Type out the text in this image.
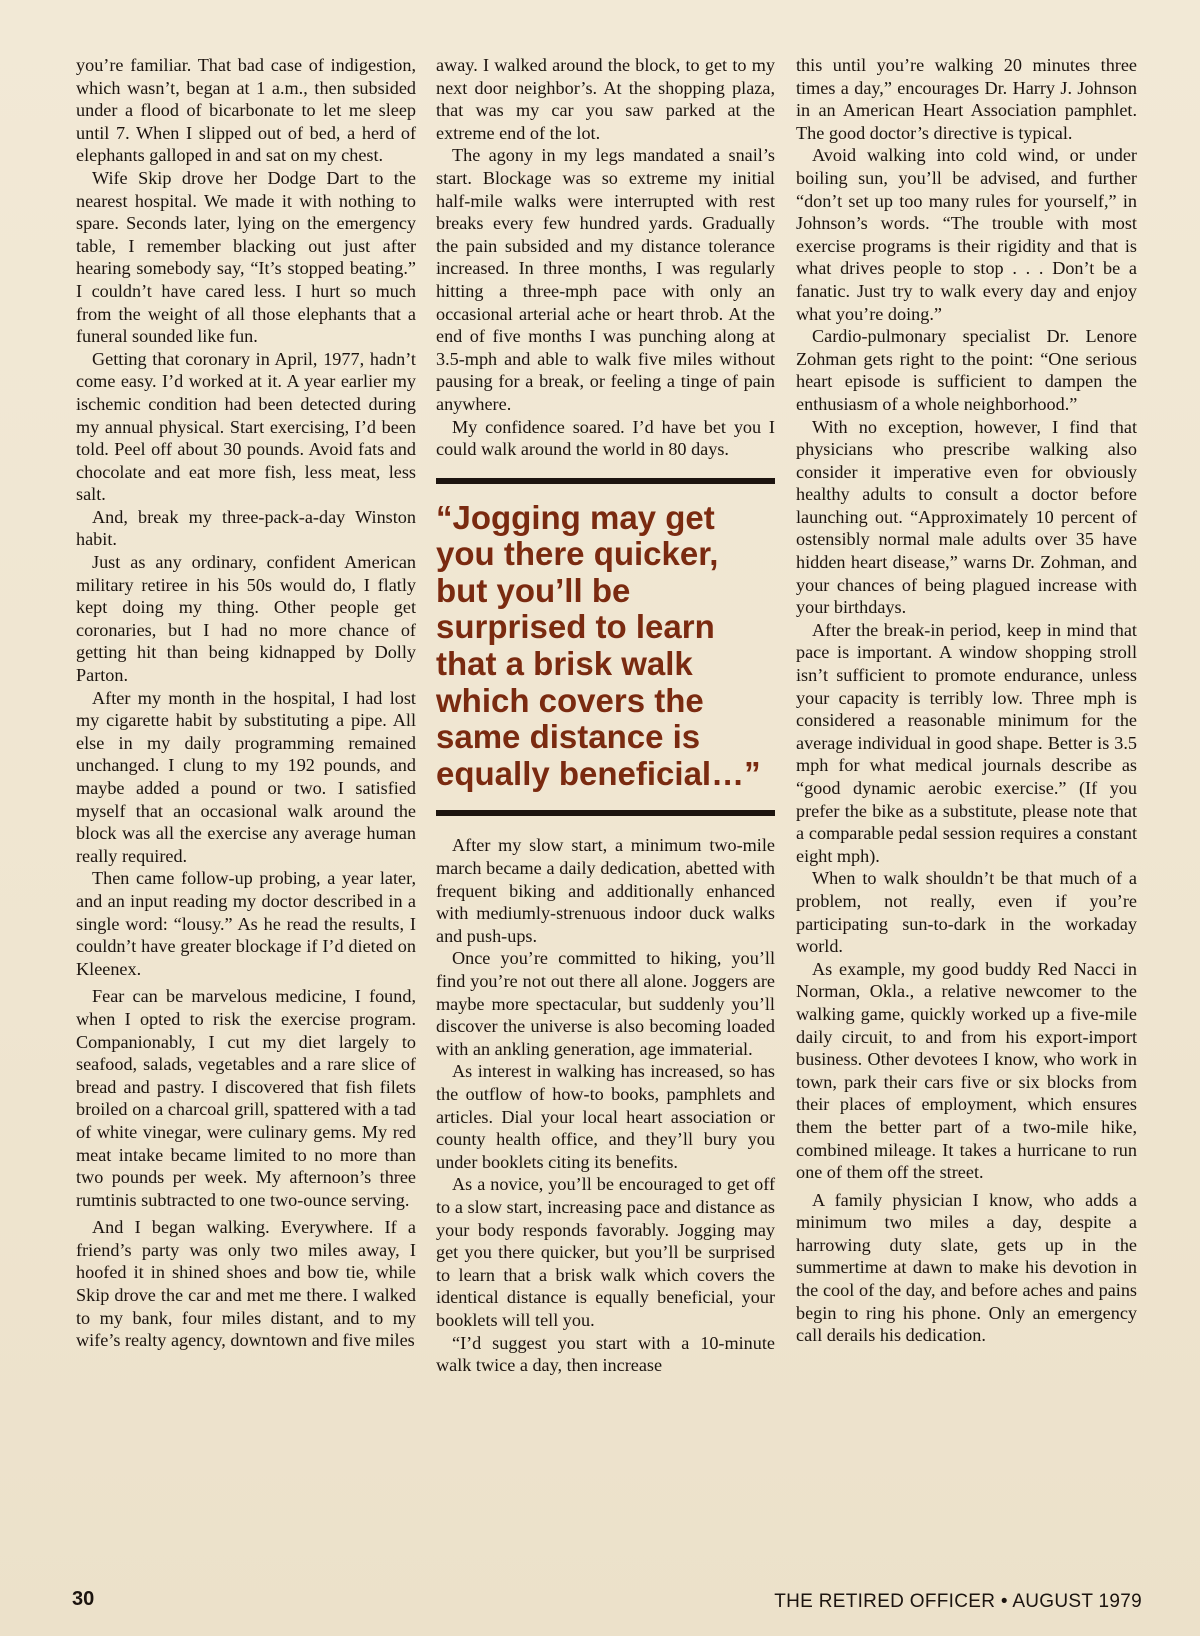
you’re familiar. That bad case of indigestion, which wasn’t, began at 1 a.m., then subsided under a flood of bicarbonate to let me sleep until 7. When I slipped out of bed, a herd of elephants galloped in and sat on my chest.

Wife Skip drove her Dodge Dart to the nearest hospital. We made it with nothing to spare. Seconds later, lying on the emergency table, I remember blacking out just after hearing somebody say, “It’s stopped beating.” I couldn’t have cared less. I hurt so much from the weight of all those elephants that a funeral sounded like fun.

Getting that coronary in April, 1977, hadn’t come easy. I’d worked at it. A year earlier my ischemic condition had been detected during my annual physical. Start exercising, I’d been told. Peel off about 30 pounds. Avoid fats and chocolate and eat more fish, less meat, less salt.

And, break my three-pack-a-day Winston habit.

Just as any ordinary, confident American military retiree in his 50s would do, I flatly kept doing my thing. Other people get coronaries, but I had no more chance of getting hit than being kidnapped by Dolly Parton.

After my month in the hospital, I had lost my cigarette habit by substituting a pipe. All else in my daily programming remained unchanged. I clung to my 192 pounds, and maybe added a pound or two. I satisfied myself that an occasional walk around the block was all the exercise any average human really required.

Then came follow-up probing, a year later, and an input reading my doctor described in a single word: “lousy.” As he read the results, I couldn’t have greater blockage if I’d dieted on Kleenex.

Fear can be marvelous medicine, I found, when I opted to risk the exercise program. Companionably, I cut my diet largely to seafood, salads, vegetables and a rare slice of bread and pastry. I discovered that fish filets broiled on a charcoal grill, spattered with a tad of white vinegar, were culinary gems. My red meat intake became limited to no more than two pounds per week. My afternoon’s three rumtinis subtracted to one two-ounce serving.

And I began walking. Everywhere. If a friend’s party was only two miles away, I hoofed it in shined shoes and bow tie, while Skip drove the car and met me there. I walked to my bank, four miles distant, and to my wife’s realty agency, downtown and five miles

away. I walked around the block, to get to my next door neighbor’s. At the shopping plaza, that was my car you saw parked at the extreme end of the lot.

The agony in my legs mandated a snail’s start. Blockage was so extreme my initial half-mile walks were interrupted with rest breaks every few hundred yards. Gradually the pain subsided and my distance tolerance increased. In three months, I was regularly hitting a three-mph pace with only an occasional arterial ache or heart throb. At the end of five months I was punching along at 3.5-mph and able to walk five miles without pausing for a break, or feeling a tinge of pain anywhere.

My confidence soared. I’d have bet you I could walk around the world in 80 days.

“Jogging may get you there quicker, but you’ll be surprised to learn that a brisk walk which covers the same distance is equally beneficial…”

After my slow start, a minimum two-mile march became a daily dedication, abetted with frequent biking and additionally enhanced with mediumly-strenuous indoor duck walks and push-ups.

Once you’re committed to hiking, you’ll find you’re not out there all alone. Joggers are maybe more spectacular, but suddenly you’ll discover the universe is also becoming loaded with an ankling generation, age immaterial.

As interest in walking has increased, so has the outflow of how-to books, pamphlets and articles. Dial your local heart association or county health office, and they’ll bury you under booklets citing its benefits.

As a novice, you’ll be encouraged to get off to a slow start, increasing pace and distance as your body responds favorably. Jogging may get you there quicker, but you’ll be surprised to learn that a brisk walk which covers the identical distance is equally beneficial, your booklets will tell you.

“I’d suggest you start with a 10-minute walk twice a day, then increase

this until you’re walking 20 minutes three times a day,” encourages Dr. Harry J. Johnson in an American Heart Association pamphlet. The good doctor’s directive is typical.

Avoid walking into cold wind, or under boiling sun, you’ll be advised, and further “don’t set up too many rules for yourself,” in Johnson’s words. “The trouble with most exercise programs is their rigidity and that is what drives people to stop . . . Don’t be a fanatic. Just try to walk every day and enjoy what you’re doing.”

Cardio-pulmonary specialist Dr. Lenore Zohman gets right to the point: “One serious heart episode is sufficient to dampen the enthusiasm of a whole neighborhood.”

With no exception, however, I find that physicians who prescribe walking also consider it imperative even for obviously healthy adults to consult a doctor before launching out. “Approximately 10 percent of ostensibly normal male adults over 35 have hidden heart disease,” warns Dr. Zohman, and your chances of being plagued increase with your birthdays.

After the break-in period, keep in mind that pace is important. A window shopping stroll isn’t sufficient to promote endurance, unless your capacity is terribly low. Three mph is considered a reasonable minimum for the average individual in good shape. Better is 3.5 mph for what medical journals describe as “good dynamic aerobic exercise.” (If you prefer the bike as a substitute, please note that a comparable pedal session requires a constant eight mph).

When to walk shouldn’t be that much of a problem, not really, even if you’re participating sun-to-dark in the workaday world.

As example, my good buddy Red Nacci in Norman, Okla., a relative newcomer to the walking game, quickly worked up a five-mile daily circuit, to and from his export-import business. Other devotees I know, who work in town, park their cars five or six blocks from their places of employment, which ensures them the better part of a two-mile hike, combined mileage. It takes a hurricane to run one of them off the street.

A family physician I know, who adds a minimum two miles a day, despite a harrowing duty slate, gets up in the summertime at dawn to make his devotion in the cool of the day, and before aches and pains begin to ring his phone. Only an emergency call derails his dedication.

30	THE RETIRED OFFICER • AUGUST 1979
